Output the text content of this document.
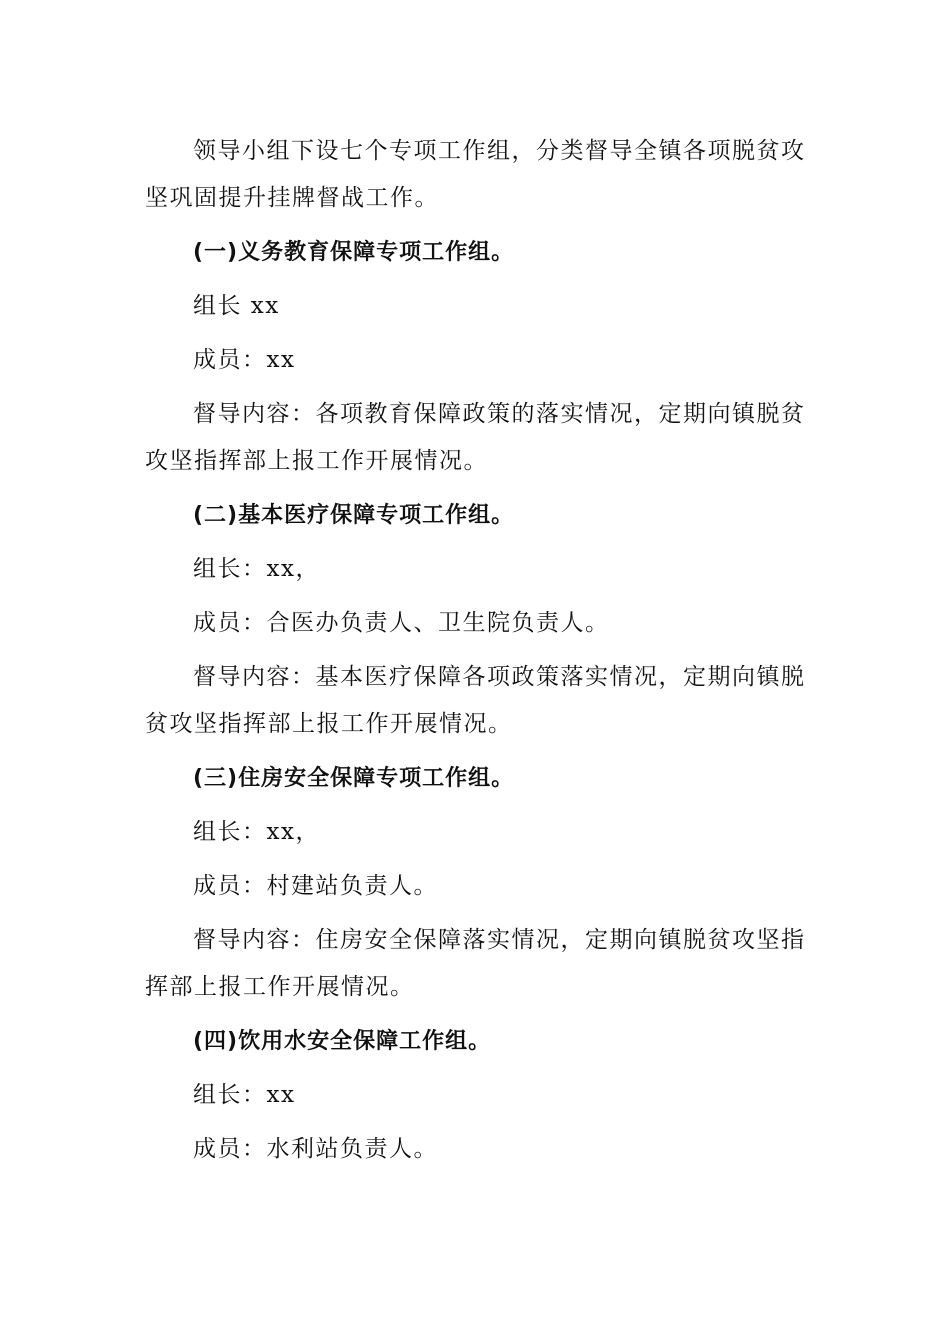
领导小组下设七个专项工作组，分类督导全镇各项脱贫攻坚巩固提升挂牌督战工作。

(一)义务教育保障专项工作组。

组长 xx

成员：xx

督导内容：各项教育保障政策的落实情况，定期向镇脱贫攻坚指挥部上报工作开展情况。

(二)基本医疗保障专项工作组。

组长：xx，

成员：合医办负责人、卫生院负责人。

督导内容：基本医疗保障各项政策落实情况，定期向镇脱贫攻坚指挥部上报工作开展情况。

(三)住房安全保障专项工作组。

组长：xx，

成员：村建站负责人。

督导内容：住房安全保障落实情况，定期向镇脱贫攻坚指挥部上报工作开展情况。

(四)饮用水安全保障工作组。

组长：xx

成员：水利站负责人。
